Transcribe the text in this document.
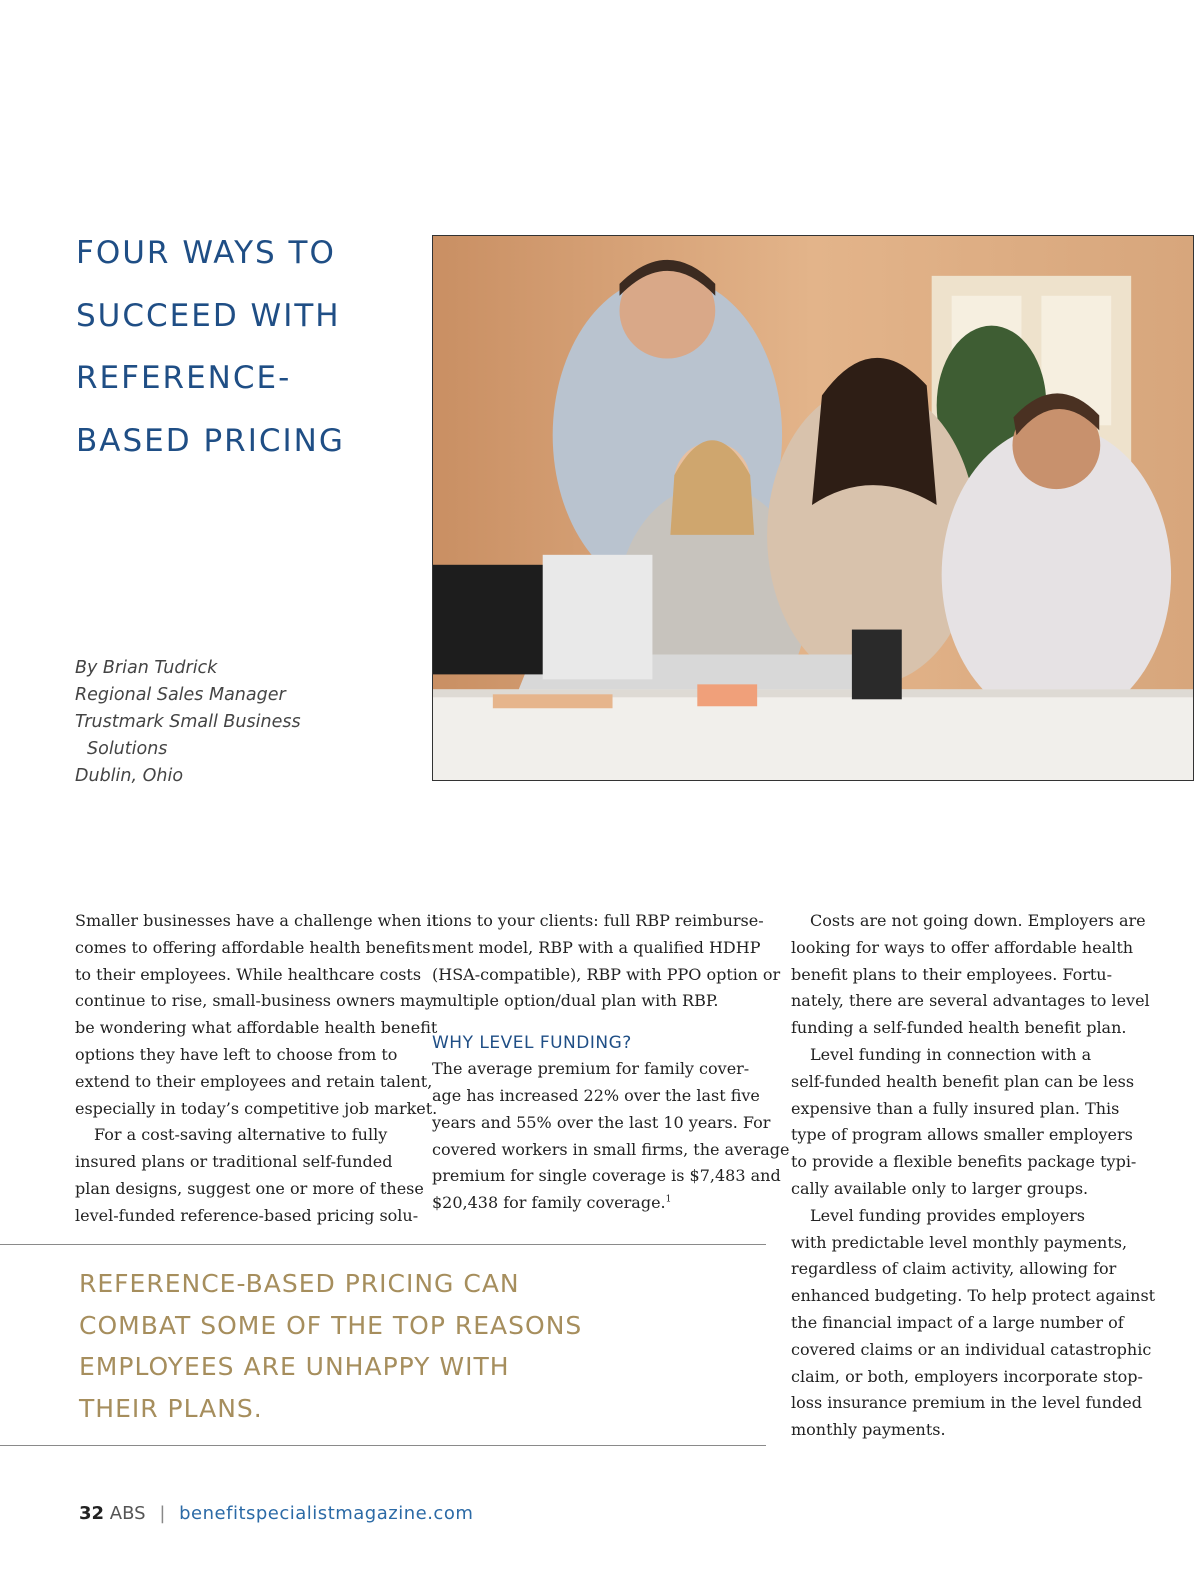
FOUR WAYS TO
SUCCEED WITH
REFERENCE-
BASED PRICING
By Brian Tudrick
Regional Sales Manager
Trustmark Small Business
Solutions
Dublin, Ohio

Smaller businesses have a challenge when it
comes to offering affordable health benefits
to their employees. While healthcare costs
continue to rise, small-business owners may
be wondering what affordable health benefit
options they have left to choose from to
extend to their employees and retain talent,
especially in today’s competitive job market.

For a cost-saving alternative to fully
insured plans or traditional self-funded
plan designs, suggest one or more of these
level-funded reference-based pricing solu-

tions to your clients: full RBP reimburse-
ment model, RBP with a qualified HDHP
(HSA-compatible), RBP with PPO option or
multiple option/dual plan with RBP.

WHY LEVEL FUNDING?

The average premium for family cover-
age has increased 22% over the last five
years and 55% over the last 10 years. For
covered workers in small firms, the average
premium for single coverage is $7,483 and
$20,438 for family coverage.$^1$

Costs are not going down. Employers are
looking for ways to offer affordable health
benefit plans to their employees. Fortu-
nately, there are several advantages to level
funding a self-funded health benefit plan.

Level funding in connection with a
self-funded health benefit plan can be less
expensive than a fully insured plan. This
type of program allows smaller employers
to provide a flexible benefits package typi-
cally available only to larger groups.

Level funding provides employers
with predictable level monthly payments,
regardless of claim activity, allowing for
enhanced budgeting. To help protect against
the financial impact of a large number of
covered claims or an individual catastrophic
claim, or both, employers incorporate stop-
loss insurance premium in the level funded
monthly payments.

REFERENCE-BASED PRICING CAN
COMBAT SOME OF THE TOP REASONS
EMPLOYEES ARE UNHAPPY WITH
THEIR PLANS.
32 ABS | benefitspecialistmagazine.com
